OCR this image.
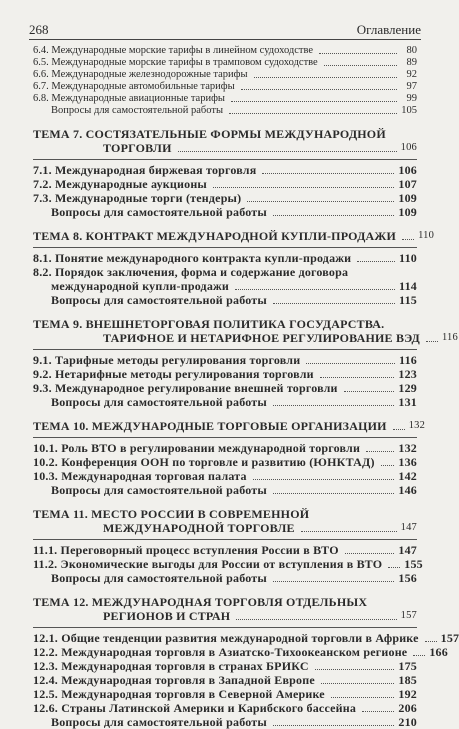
268	Оглавление
6.4. Международные морские тарифы в линейном судоходстве	80
6.5. Международные морские тарифы в трамповом судоходстве	89
6.6. Международные железнодорожные тарифы	92
6.7. Международные автомобильные тарифы	97
6.8. Международные авиационные тарифы	99
Вопросы для самостоятельной работы	105
ТЕМА 7. СОСТЯЗАТЕЛЬНЫЕ ФОРМЫ МЕЖДУНАРОДНОЙ
ТОРГОВЛИ	106
7.1. Международная биржевая торговля	106
7.2. Международные аукционы	107
7.3. Международные торги (тендеры)	109
Вопросы для самостоятельной работы	109
ТЕМА 8. КОНТРАКТ МЕЖДУНАРОДНОЙ КУПЛИ-ПРОДАЖИ 110
8.1. Понятие международного контракта купли-продажи	110
8.2. Порядок заключения, форма и содержание договора
международной купли-продажи	114
Вопросы для самостоятельной работы	115
ТЕМА 9. ВНЕШНЕТОРГОВАЯ ПОЛИТИКА ГОСУДАРСТВА.
ТАРИФНОЕ И НЕТАРИФНОЕ РЕГУЛИРОВАНИЕ ВЭД 116
9.1. Тарифные методы регулирования торговли	116
9.2. Нетарифные методы регулирования торговли	123
9.3. Международное регулирование внешней торговли	129
Вопросы для самостоятельной работы	131
ТЕМА 10. МЕЖДУНАРОДНЫЕ ТОРГОВЫЕ ОРГАНИЗАЦИИ 132
10.1. Роль ВТО в регулировании международной торговли	132
10.2. Конференция ООН по торговле и развитию (ЮНКТАД) 136
10.3. Международная торговая палата	142
Вопросы для самостоятельной работы	146
ТЕМА 11. МЕСТО РОССИИ В СОВРЕМЕННОЙ
МЕЖДУНАРОДНОЙ ТОРГОВЛЕ	147
11.1. Переговорный процесс вступления России в ВТО	147
11.2. Экономические выгоды для России от вступления в ВТО 155
Вопросы для самостоятельной работы	156
ТЕМА 12. МЕЖДУНАРОДНАЯ ТОРГОВЛЯ ОТДЕЛЬНЫХ
РЕГИОНОВ И СТРАН	157
12.1. Общие тенденции развития международной торговли в Африке 157
12.2. Международная торговля в Азиатско-Тихоокеанском регионе 166
12.3. Международная торговля в странах БРИКС	175
12.4. Международная торговля в Западной Европе	185
12.5. Международная торговля в Северной Америке	192
12.6. Страны Латинской Америки и Карибского бассейна	206
Вопросы для самостоятельной работы	210
